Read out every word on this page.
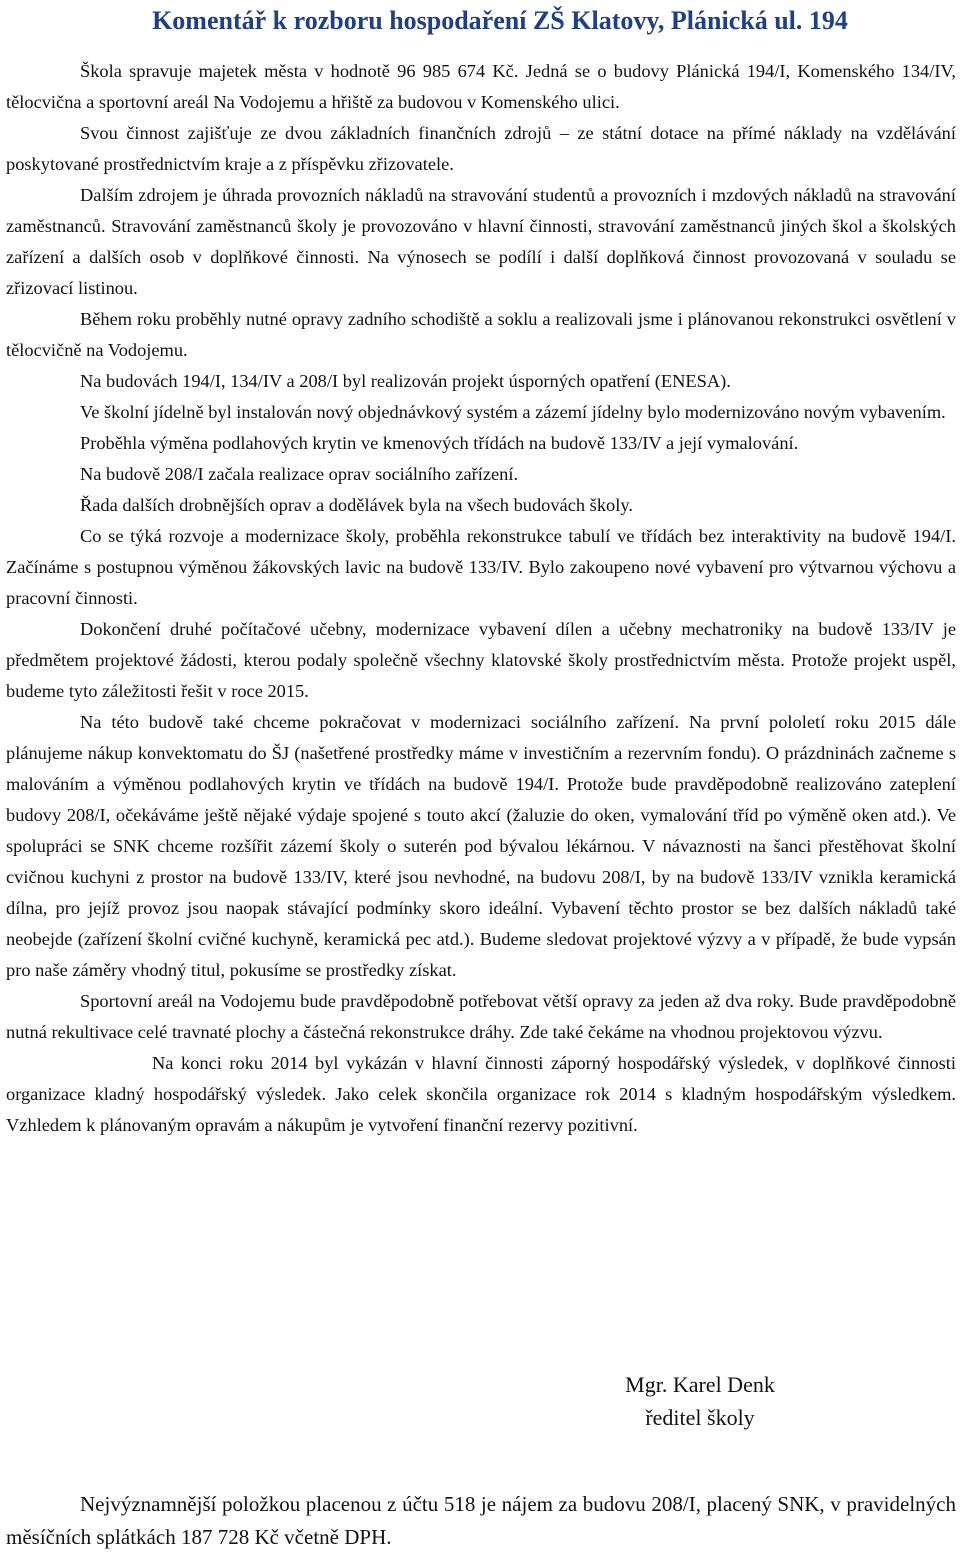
Komentář k rozboru hospodaření ZŠ Klatovy, Plánická ul. 194

Škola spravuje majetek města v hodnotě 96 985 674 Kč. Jedná se o budovy Plánická 194/I, Komenského 134/IV, tělocvična a sportovní areál Na Vodojemu a hřiště za budovou v Komenského ulici.

Svou činnost zajišťuje ze dvou základních finančních zdrojů – ze státní dotace na přímé náklady na vzdělávání poskytované prostřednictvím kraje a z příspěvku zřizovatele.

Dalším zdrojem je úhrada provozních nákladů na stravování studentů a provozních i mzdových nákladů na stravování zaměstnanců. Stravování zaměstnanců školy je provozováno v hlavní činnosti, stravování zaměstnanců jiných škol a školských zařízení a dalších osob v doplňkové činnosti. Na výnosech se podílí i další doplňková činnost provozovaná v souladu se zřizovací listinou.

Během roku proběhly nutné opravy zadního schodiště a soklu a realizovali jsme i plánovanou rekonstrukci osvětlení v tělocvičně na Vodojemu.

Na budovách 194/I, 134/IV a 208/I byl realizován projekt úsporných opatření (ENESA).

Ve školní jídelně byl instalován nový objednávkový systém a zázemí jídelny bylo modernizováno novým vybavením.

Proběhla výměna podlahových krytin ve kmenových třídách na budově 133/IV a její vymalování.

Na budově 208/I začala realizace oprav sociálního zařízení.

Řada dalších drobnějších oprav a dodělávek byla na všech budovách školy.

Co se týká rozvoje a modernizace školy, proběhla rekonstrukce tabulí ve třídách bez interaktivity na budově 194/I. Začínáme s postupnou výměnou žákovských lavic na budově 133/IV. Bylo zakoupeno nové vybavení pro výtvarnou výchovu a pracovní činnosti.

Dokončení druhé počítačové učebny, modernizace vybavení dílen a učebny mechatroniky na budově 133/IV je předmětem projektové žádosti, kterou podaly společně všechny klatovské školy prostřednictvím města. Protože projekt uspěl, budeme tyto záležitosti řešit v roce 2015.

Na této budově také chceme pokračovat v modernizaci sociálního zařízení. Na první pololetí roku 2015 dále plánujeme nákup konvektomatu do ŠJ (našetřené prostředky máme v investičním a rezervním fondu). O prázdninách začneme s malováním a výměnou podlahových krytin ve třídách na budově 194/I. Protože bude pravděpodobně realizováno zateplení budovy 208/I, očekáváme ještě nějaké výdaje spojené s touto akcí (žaluzie do oken, vymalování tříd po výměně oken atd.). Ve spolupráci se SNK chceme rozšířit zázemí školy o suterén pod bývalou lékárnou. V návaznosti na šanci přestěhovat školní cvičnou kuchyni z prostor na budově 133/IV, které jsou nevhodné, na budovu 208/I, by na budově 133/IV vznikla keramická dílna, pro jejíž provoz jsou naopak stávající podmínky skoro ideální. Vybavení těchto prostor se bez dalších nákladů také neobejde (zařízení školní cvičné kuchyně, keramická pec atd.). Budeme sledovat projektové výzvy a v případě, že bude vypsán pro naše záměry vhodný titul, pokusíme se prostředky získat.

Sportovní areál na Vodojemu bude pravděpodobně potřebovat větší opravy za jeden až dva roky. Bude pravděpodobně nutná rekultivace celé travnaté plochy a částečná rekonstrukce dráhy. Zde také čekáme na vhodnou projektovou výzvu.

Na konci roku 2014 byl vykázán v hlavní činnosti záporný hospodářský výsledek, v doplňkové činnosti organizace kladný hospodářský výsledek. Jako celek skončila organizace rok 2014 s kladným hospodářským výsledkem. Vzhledem k plánovaným opravám a nákupům je vytvoření finanční rezervy pozitivní.

Mgr. Karel Denk
ředitel školy

Nejvýznamnější položkou placenou z účtu 518 je nájem za budovu 208/I, placený SNK, v pravidelných měsíčních splátkách 187 728 Kč včetně DPH.
